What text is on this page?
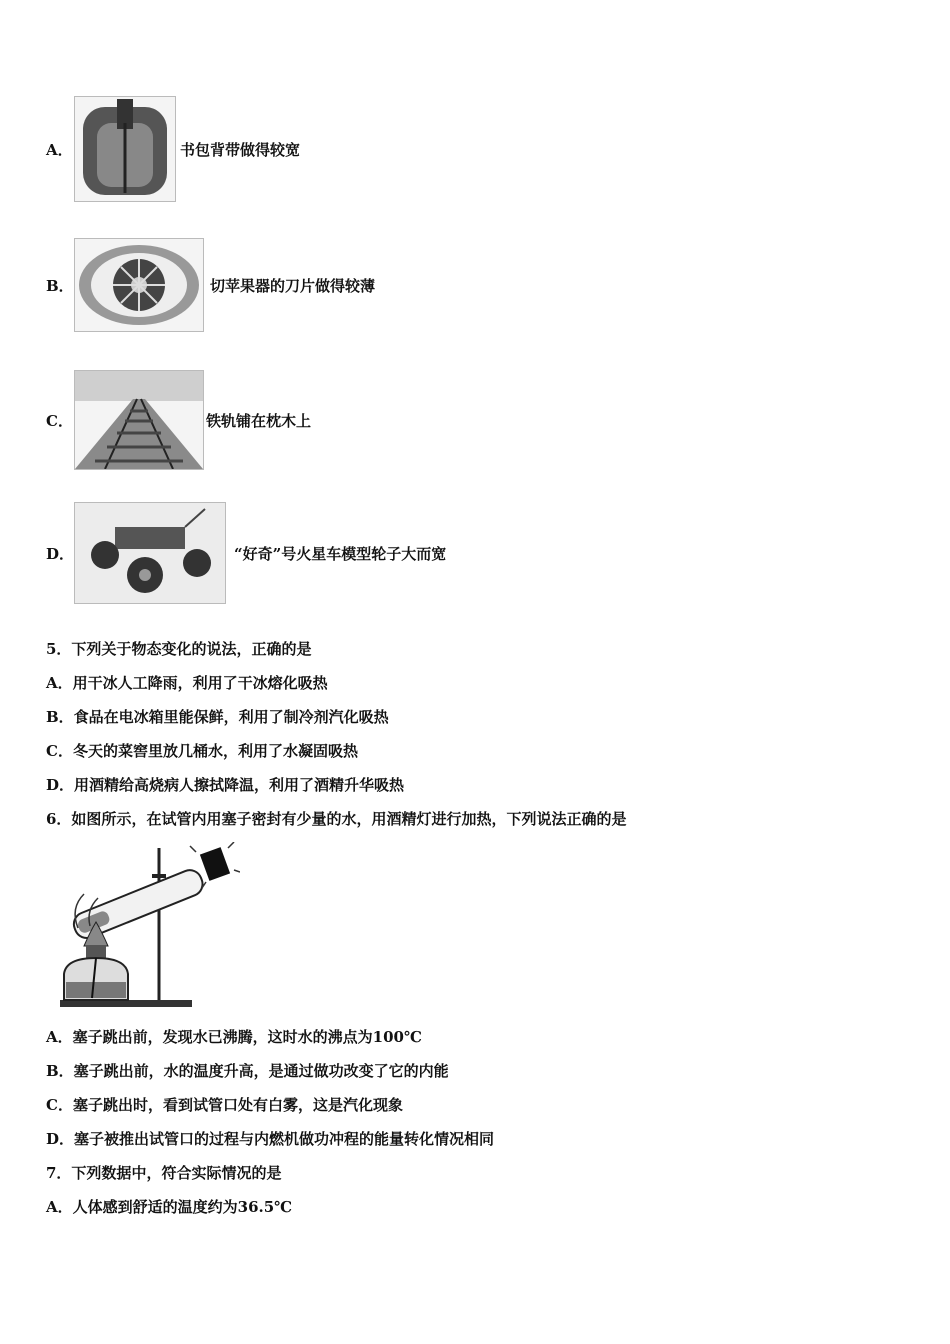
A．	书包背带做得较宽
B．	切苹果器的刀片做得较薄
C．	铁轨铺在枕木上
D．	“好奇”号火星车模型轮子大而宽
5．下列关于物态变化的说法，正确的是
A．用干冰人工降雨，利用了干冰熔化吸热
B．食品在电冰箱里能保鲜，利用了制冷剂汽化吸热
C．冬天的菜窖里放几桶水，利用了水凝固吸热
D．用酒精给高烧病人擦拭降温，利用了酒精升华吸热
6．如图所示，在试管内用塞子密封有少量的水，用酒精灯进行加热，下列说法正确的是
A．塞子跳出前，发现水已沸腾，这时水的沸点为100℃
B．塞子跳出前，水的温度升高，是通过做功改变了它的内能
C．塞子跳出时，看到试管口处有白雾，这是汽化现象
D．塞子被推出试管口的过程与内燃机做功冲程的能量转化情况相同
7．下列数据中，符合实际情况的是
A．人体感到舒适的温度约为36.5℃
